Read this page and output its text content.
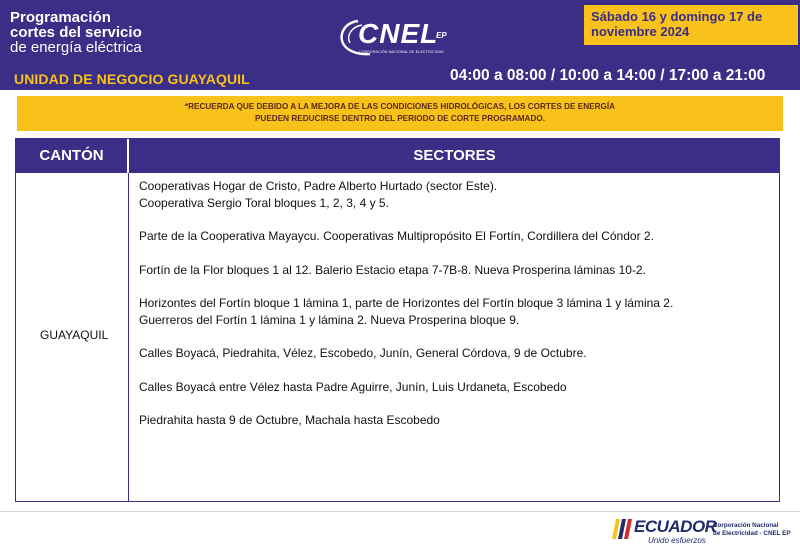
Programación
cortes del servicio
de energía eléctrica
UNIDAD DE NEGOCIO GUAYAQUIL
CNEL
EP
CORPORACIÓN NACIONAL DE ELECTRICIDAD
Sábado 16 y domingo 17 de
noviembre 2024
04:00 a 08:00 / 10:00 a 14:00 / 17:00 a 21:00
*RECUERDA QUE DEBIDO A LA MEJORA DE LAS CONDICIONES HIDROLÓGICAS, LOS CORTES DE ENERGÍA
PUEDEN REDUCIRSE DENTRO DEL PERIODO DE CORTE PROGRAMADO.
CANTÓN	SECTORES
GUAYAQUIL
Cooperativas Hogar de Cristo, Padre Alberto Hurtado (sector Este).
Cooperativa Sergio Toral bloques 1, 2, 3, 4 y 5.
Parte de la Cooperativa Mayaycu. Cooperativas Multipropósito El Fortín, Cordillera del Cóndor 2.
Fortín de la Flor bloques 1 al 12. Balerio Estacio etapa 7-7B-8. Nueva Prosperina láminas 10-2.
Horizontes del Fortín bloque 1 lámina 1, parte de Horizontes del Fortín bloque 3 lámina 1 y lámina 2.
Guerreros del Fortín 1 lámina 1 y lámina 2. Nueva Prosperina bloque 9.
Calles Boyacá, Piedrahita, Vélez, Escobedo, Junín, General Córdova, 9 de Octubre.
Calles Boyacá entre Vélez hasta Padre Aguirre, Junín, Luis Urdaneta, Escobedo
Piedrahita hasta 9 de Octubre, Machala hasta Escobedo
ECUADOR
Unido esfuerzos
Corporación Nacional
de Electricidad - CNEL EP
